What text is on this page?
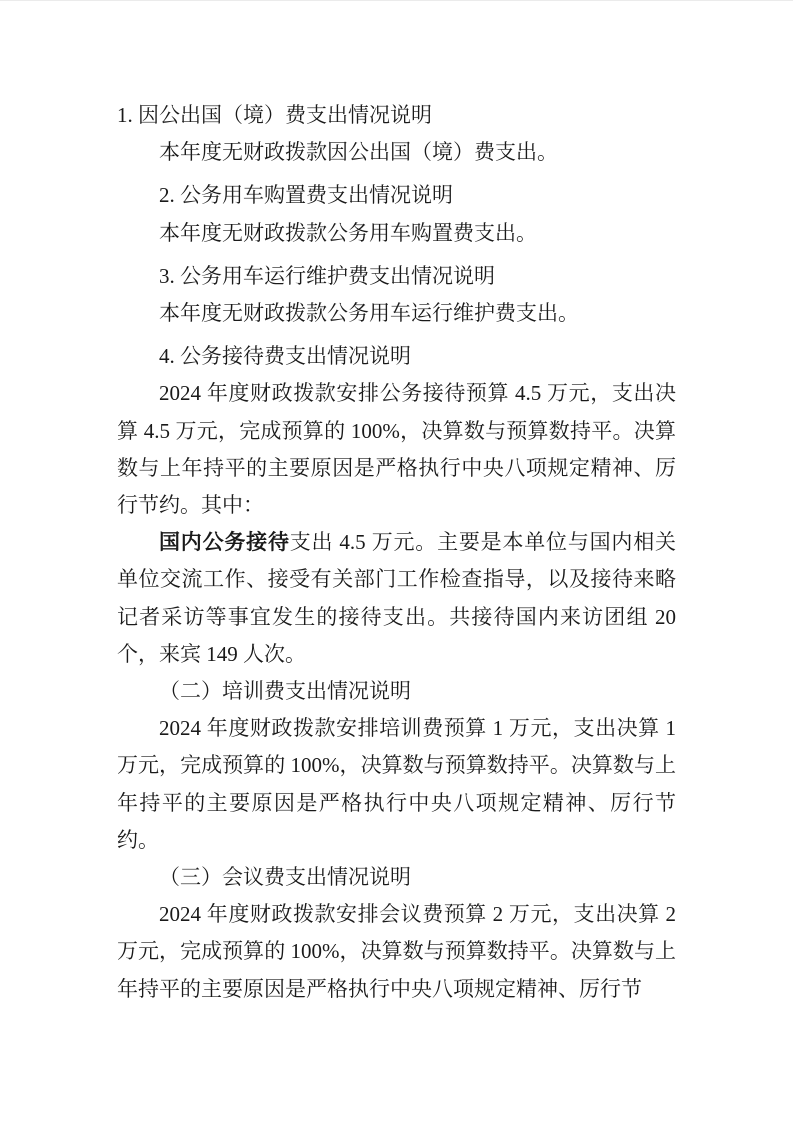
1. 因公出国（境）费支出情况说明

本年度无财政拨款因公出国（境）费支出。

2. 公务用车购置费支出情况说明

本年度无财政拨款公务用车购置费支出。

3. 公务用车运行维护费支出情况说明

本年度无财政拨款公务用车运行维护费支出。

4. 公务接待费支出情况说明

2024 年度财政拨款安排公务接待预算 4.5 万元，支出决算 4.5 万元，完成预算的 100%，决算数与预算数持平。决算数与上年持平的主要原因是严格执行中央八项规定精神、厉行节约。其中：

国内公务接待支出 4.5 万元。主要是本单位与国内相关单位交流工作、接受有关部门工作检查指导，以及接待来略记者采访等事宜发生的接待支出。共接待国内来访团组 20 个，来宾 149 人次。

（二）培训费支出情况说明

2024 年度财政拨款安排培训费预算 1 万元，支出决算 1 万元，完成预算的 100%，决算数与预算数持平。决算数与上年持平的主要原因是严格执行中央八项规定精神、厉行节约。

（三）会议费支出情况说明

2024 年度财政拨款安排会议费预算 2 万元，支出决算 2 万元，完成预算的 100%，决算数与预算数持平。决算数与上年持平的主要原因是严格执行中央八项规定精神、厉行节
